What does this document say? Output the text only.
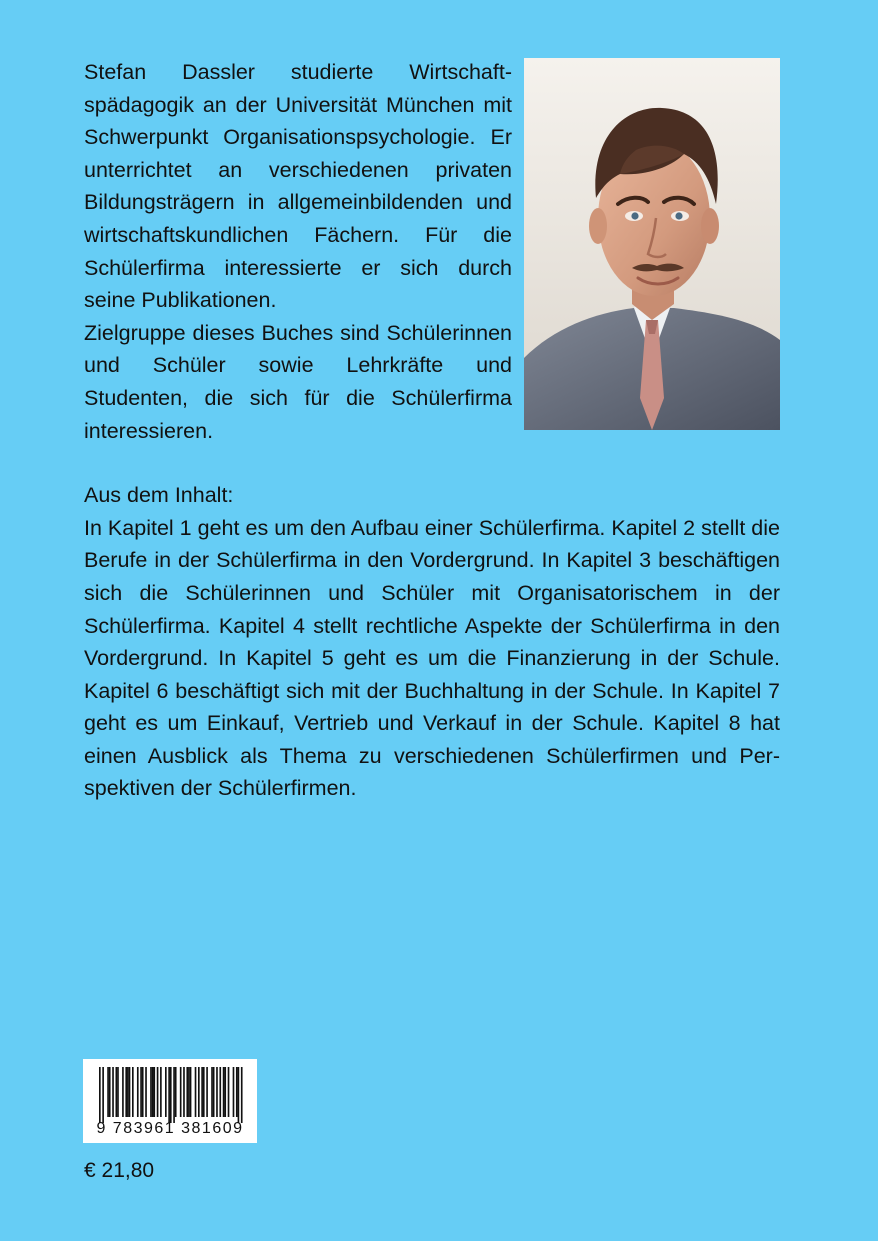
Stefan Dassler studierte Wirtschaftspädagogik an der Universität München mit Schwerpunkt Organisationspsychologie. Er unterrichtet an verschiedenen privaten Bildungsträgern in allgemeinbildenden und wirtschaftskundlichen Fächern. Für die Schülerfirma interessierte er sich durch seine Publikationen.

Zielgruppe dieses Buches sind Schülerinnen und Schüler sowie Lehrkräfte und Studenten, die sich für die Schülerfirma interessieren.

Aus dem Inhalt:

In Kapitel 1 geht es um den Aufbau einer Schülerfirma. Kapitel 2 stellt die Berufe in der Schülerfirma in den Vordergrund. In Kapitel 3 beschäftigen sich die Schülerinnen und Schüler mit Organisatorischem in der Schülerfirma. Kapitel 4 stellt rechtliche Aspekte der Schülerfirma in den Vordergrund. In Kapitel 5 geht es um die Finanzierung in der Schule. Kapitel 6 beschäftigt sich mit der Buchhaltung in der Schule. In Kapitel 7 geht es um Einkauf, Vertrieb und Verkauf in der Schule. Kapitel 8 hat einen Ausblick als Thema zu verschiedenen Schülerfirmen und Perspektiven der Schülerfirmen.

9 783961 381609
€ 21,80
